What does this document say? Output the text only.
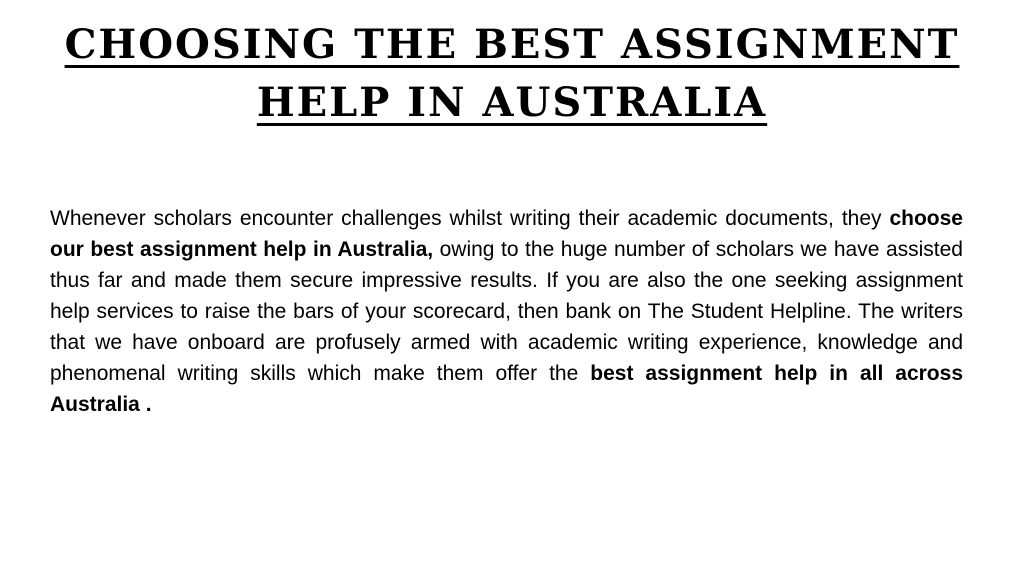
CHOOSING THE BEST ASSIGNMENT HELP IN AUSTRALIA

Whenever scholars encounter challenges whilst writing their academic documents, they choose our best assignment help in Australia, owing to the huge number of scholars we have assisted thus far and made them secure impressive results. If you are also the one seeking assignment help services to raise the bars of your scorecard, then bank on The Student Helpline. The writers that we have onboard are profusely armed with academic writing experience, knowledge and phenomenal writing skills which make them offer the best assignment help in all across Australia .
